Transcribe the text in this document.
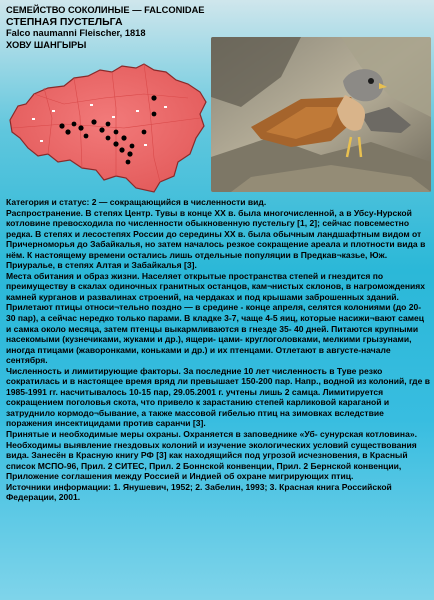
СЕМЕЙСТВО СОКОЛИНЫЕ — FALCONIDAE
СТЕПНАЯ ПУСТЕЛЬГА
Falco naumanni Fleischer, 1818
ХОВУ ШАНГЫРЫ

Категория и статус: 2 — сокращающийся в численности вид.

Распространение. В степях Центр. Тувы в конце ХХ в. была многочисленной, а в Убсу-Нурской котловине превосходила по численности обыкновенную пустельгу [1, 2]; сейчас повсеместно редка. В степях и лесостепях России до середины ХХ в. была обычным ландшафтным видом от Причерноморья до Забайкалья, но затем началось резкое сокращение ареала и плотности вида в нём. К настоящему времени остались лишь отдельные популяции в Предкав¬казье, Юж. Приуралье, в степях Алтая и Забайкалья [3].

Места обитания и образ жизни. Населяет открытые пространства степей и гнездится по преимуществу в скалах одиночных гранитных останцов, кам¬нистых склонов, в нагромождениях камней курганов и развалинах строений, на чердаках и под крышами заброшенных зданий. Прилетают птицы относи¬тельно поздно — в средине - конце апреля, селятся колониями (до 20-30 пар), а сейчас нередко только парами. В кладке 3-7, чаще 4-5 яиц, которые насижи¬вают самец и самка около месяца, затем птенцы выкармливаются в гнезде 35- 40 дней. Питаются крупными насекомыми (кузнечиками, жуками и др.), ящери- цами- круглоголовками, мелкими грызунами, иногда птицами (жаворонками, коньками и др.) и их птенцами. Отлетают в августе-начале сентября.

Численность и лимитирующие факторы. За последние 10 лет численность в Туве резко сократилась и в настоящее время вряд ли превышает 150-200 пар. Напр., водной из колоний, где в 1985-1991 гг. насчитывалось 10-15 пар, 29.05.2001 г. учтены лишь 2 самца. Лимитируется сокращением поголовья скота, что привело к зарастанию степей карликовой караганой и затруднило кормодо¬бывание, а также массовой гибелью птиц на зимовках вследствие поражения инсектицидами против саранчи [3].

Принятые и необходимые меры охраны. Охраняется в заповеднике «Уб- сунурская котловина». Необходимы выявление гнездовых колоний и изучение экологических условий существования вида. Занесён в Красную книгу РФ [3] как находящийся под угрозой исчезновения, в Красный список МСПО-96, Прил. 2 СИТЕС, Прил. 2 Боннской конвенции, Прил. 2 Бернской конвенции, Приложение соглашения между Россией и Индией об охране мигрирующих птиц.

Источники информации: 1. Янушевич, 1952; 2. Забелин, 1993; 3. Красная книга Российской Федерации, 2001.
